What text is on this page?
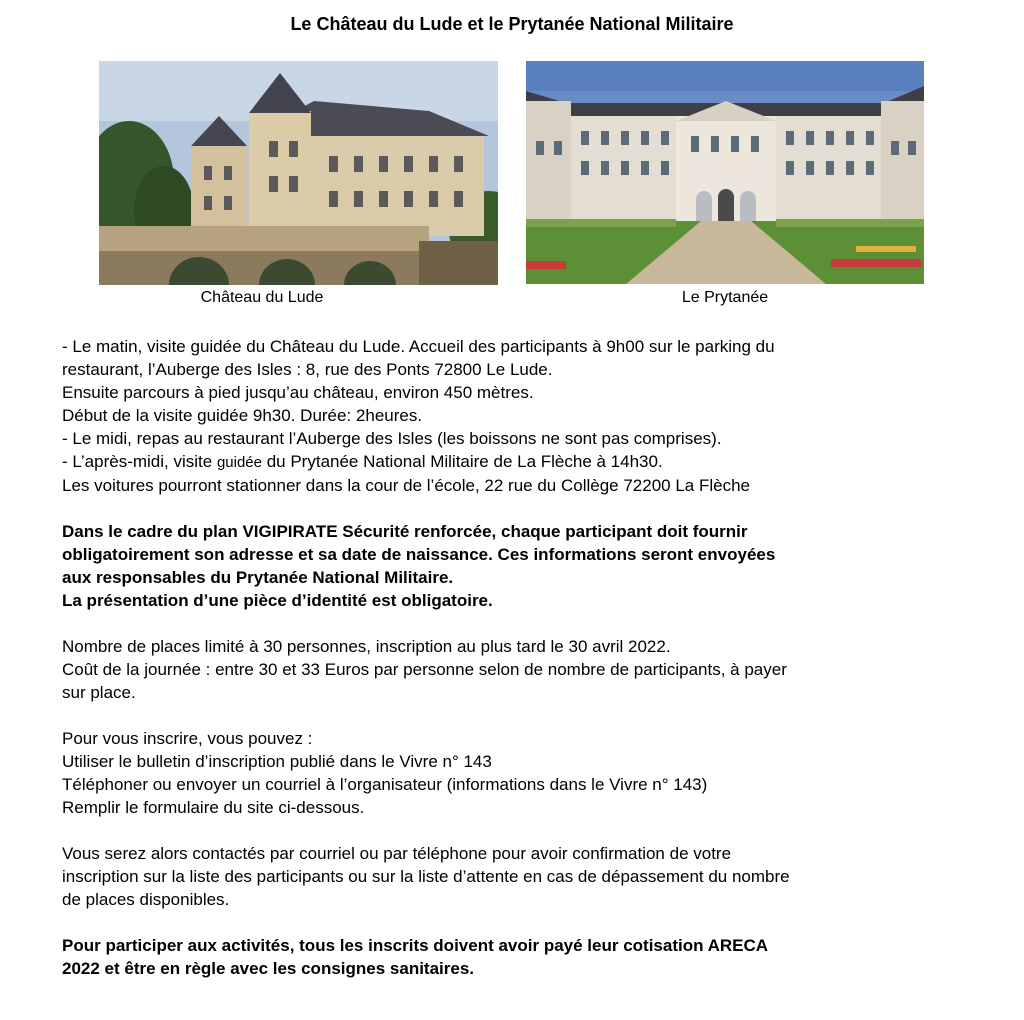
Le Château du Lude et le Prytanée National Militaire
Château du Lude	Le Prytanée

- Le matin, visite guidée du Château du Lude. Accueil des participants à 9h00 sur le parking du

restaurant, l’Auberge des Isles : 8, rue des Ponts 72800 Le Lude.

Ensuite parcours à pied jusqu’au château, environ 450 mètres.

Début de la visite guidée 9h30. Durée: 2heures.

- Le midi, repas au restaurant l’Auberge des Isles (les boissons ne sont pas comprises).

- L’après-midi, visite guidée du Prytanée National Militaire de La Flèche à 14h30.

Les voitures pourront stationner dans la cour de l’école, 22 rue du Collège 72200 La Flèche

Dans le cadre du plan VIGIPIRATE Sécurité renforcée, chaque participant doit fournir

obligatoirement son adresse et sa date de naissance. Ces informations seront envoyées

aux responsables du Prytanée National Militaire.

La présentation d’une pièce d’identité est obligatoire.

Nombre de places limité à 30 personnes, inscription au plus tard le 30 avril 2022.

Coût de la journée : entre 30 et 33 Euros par personne selon de nombre de participants, à payer

sur place.

Pour vous inscrire, vous pouvez :

Utiliser le bulletin d’inscription publié dans le Vivre n° 143

Téléphoner ou envoyer un courriel à l’organisateur (informations dans le Vivre n° 143)

Remplir le formulaire du site ci-dessous.

Vous serez alors contactés par courriel ou par téléphone pour avoir confirmation de votre

inscription sur la liste des participants ou sur la liste d’attente en cas de dépassement du nombre

de places disponibles.

Pour participer aux activités, tous les inscrits doivent avoir payé leur cotisation ARECA

2022 et être en règle avec les consignes sanitaires.
